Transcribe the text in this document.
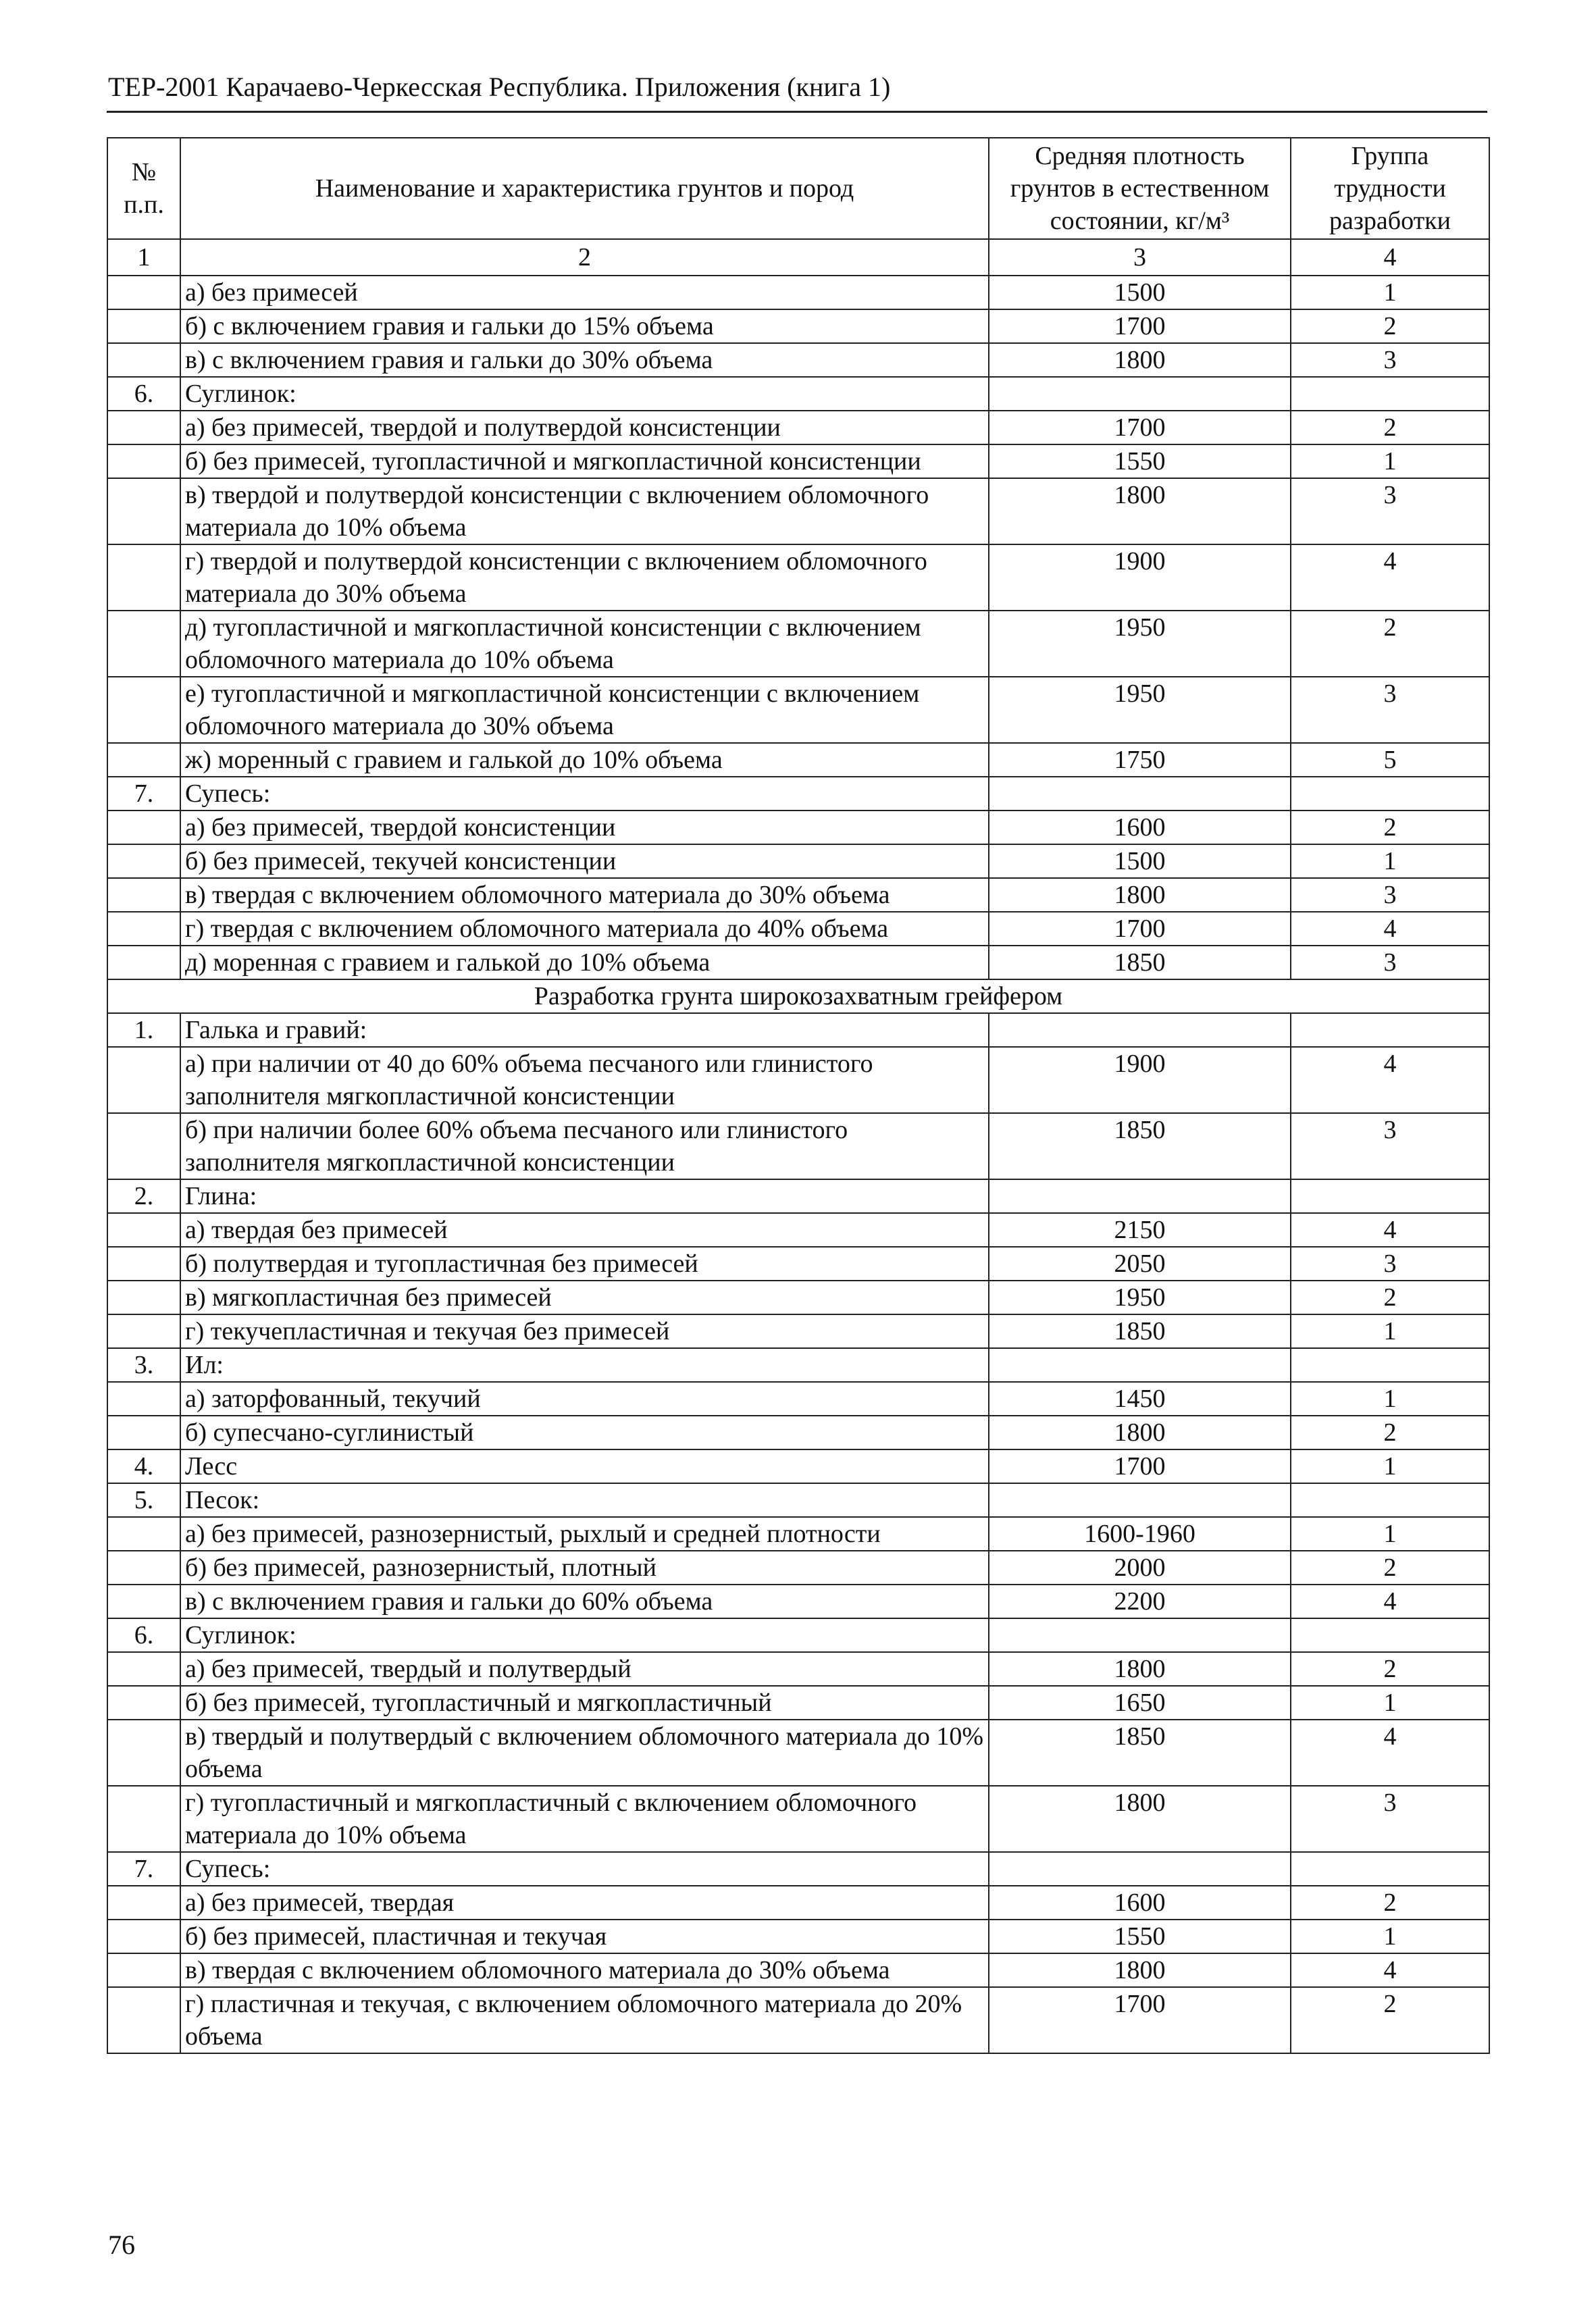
ТЕР-2001 Карачаево-Черкесская Республика. Приложения (книга 1)
№ п.п.	Наименование и характеристика грунтов и пород	Средняя плотность грунтов в естественном состоянии, кг/м³	Группа трудности разработки
1	2	3	4
	а) без примесей	1500	1
	б) с включением гравия и гальки до 15% объема	1700	2
	в) с включением гравия и гальки до 30% объема	1800	3
6.	Суглинок:		
	а) без примесей, твердой и полутвердой консистенции	1700	2
	б) без примесей, тугопластичной и мягкопластичной консистенции	1550	1
	в) твердой и полутвердой консистенции с включением обломочного материала до 10% объема	1800	3
	г) твердой и полутвердой консистенции с включением обломочного материала до 30% объема	1900	4
	д) тугопластичной и мягкопластичной консистенции с включением обломочного материала до 10% объема	1950	2
	е) тугопластичной и мягкопластичной консистенции с включением обломочного материала до 30% объема	1950	3
	ж) моренный с гравием и галькой до 10% объема	1750	5
7.	Супесь:		
	а) без примесей, твердой консистенции	1600	2
	б) без примесей, текучей консистенции	1500	1
	в) твердая с включением обломочного материала до 30% объема	1800	3
	г) твердая с включением обломочного материала до 40% объема	1700	4
	д) моренная с гравием и галькой до 10% объема	1850	3
Разработка грунта широкозахватным грейфером			
1.	Галька и гравий:		
	а) при наличии от 40 до 60% объема песчаного или глинистого заполнителя мягкопластичной консистенции	1900	4
	б) при наличии более 60% объема песчаного или глинистого заполнителя мягкопластичной консистенции	1850	3
2.	Глина:		
	а) твердая без примесей	2150	4
	б) полутвердая и тугопластичная без примесей	2050	3
	в) мягкопластичная без примесей	1950	2
	г) текучепластичная и текучая без примесей	1850	1
3.	Ил:		
	а) заторфованный, текучий	1450	1
	б) супесчано-суглинистый	1800	2
4.	Лесс	1700	1
5.	Песок:		
	а) без примесей, разнозернистый, рыхлый и средней плотности	1600-1960	1
	б) без примесей, разнозернистый, плотный	2000	2
	в) с включением гравия и гальки до 60% объема	2200	4
6.	Суглинок:		
	а) без примесей, твердый и полутвердый	1800	2
	б) без примесей, тугопластичный и мягкопластичный	1650	1
	в) твердый и полутвердый с включением обломочного материала до 10% объема	1850	4
	г) тугопластичный и мягкопластичный с включением обломочного материала до 10% объема	1800	3
7.	Супесь:		
	а) без примесей, твердая	1600	2
	б) без примесей, пластичная и текучая	1550	1
	в) твердая с включением обломочного материала до 30% объема	1800	4
	г) пластичная и текучая, с включением обломочного материала до 20% объема	1700	2
76
